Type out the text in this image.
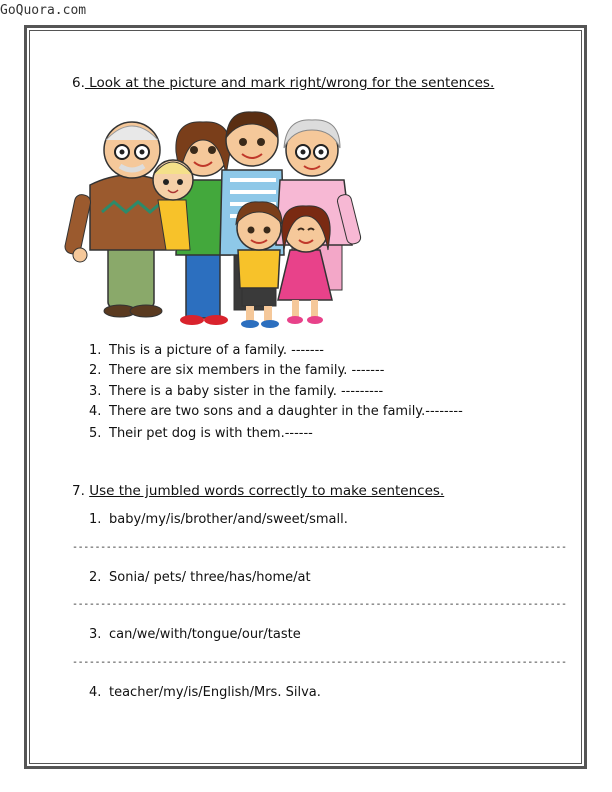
GoQuora.com
6. Look at the picture and mark right/wrong for the sentences.
1. This is a picture of a family. -------
2. There are six members in the family. -------
3. There is a baby sister in the family. ---------
4. There are two sons and a daughter in the family.--------
5. Their pet dog is with them.------
7. Use the jumbled words correctly to make sentences.
1. baby/my/is/brother/and/sweet/small.
----------------------------------------------------------------------------------------
2. Sonia/ pets/ three/has/home/at
----------------------------------------------------------------------------------------
3. can/we/with/tongue/our/taste
----------------------------------------------------------------------------------------
4. teacher/my/is/English/Mrs. Silva.
